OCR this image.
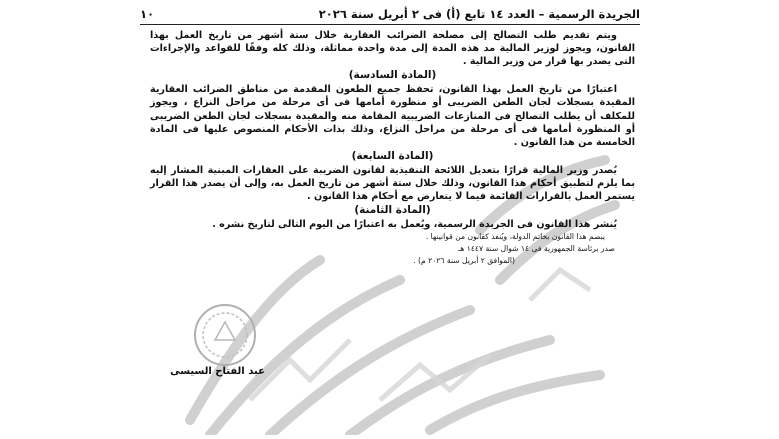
الجريدة الرسمية – العدد ١٤ تابع (أ) فى ٢ أبريل سنة ٢٠٢٦
١٠

ويتم تقديم طلب التصالح إلى مصلحة الضرائب العقارية خلال ستة أشهر من تاريخ العمل بهذا القانون، ويجوز لوزير المالية مد هذه المدة إلى مدة واحدة مماثلة، وذلك كله وفقًا للقواعد والإجراءات التى يصدر بها قرار من وزير المالية .

(المادة السادسة)

اعتبارًا من تاريخ العمل بهذا القانون، تحفظ جميع الطعون المقدمة من مناطق الضرائب العقارية المقيدة بسجلات لجان الطعن الضريبى أو منظورة أمامها فى أى مرحلة من مراحل النزاع ، ويجوز للمكلف أن يطلب التصالح فى المنازعات الضريبية المقامة منه والمقيدة بسجلات لجان الطعن الضريبى أو المنظورة أمامها فى أى مرحلة من مراحل النزاع، وذلك بذات الأحكام المنصوص عليها فى المادة الخامسة من هذا القانون .

(المادة السابعة)

يُصدر وزير المالية قرارًا بتعديل اللائحة التنفيذية لقانون الضريبة على العقارات المبنية المشار إليه بما يلزم لتطبيق أحكام هذا القانون، وذلك خلال ستة أشهر من تاريخ العمل به، وإلى أن يصدر هذا القرار يستمر العمل بالقرارات القائمة فيما لا يتعارض مع أحكام هذا القانون .

(المادة الثامنة)

يُنشر هذا القانون فى الجريدة الرسمية، ويُعمل به اعتبارًا من اليوم التالى لتاريخ نشره .

يبصم هذا القانون بخاتم الدولة، ويُنفذ كقانون من قوانينها .

صدر برئاسة الجمهورية فى ١٤ شوال سنة ١٤٤٧ هـ

(الموافق ٢ أبريل سنة ٢٠٢٦ م) .

عبد الفتاح السيسى
